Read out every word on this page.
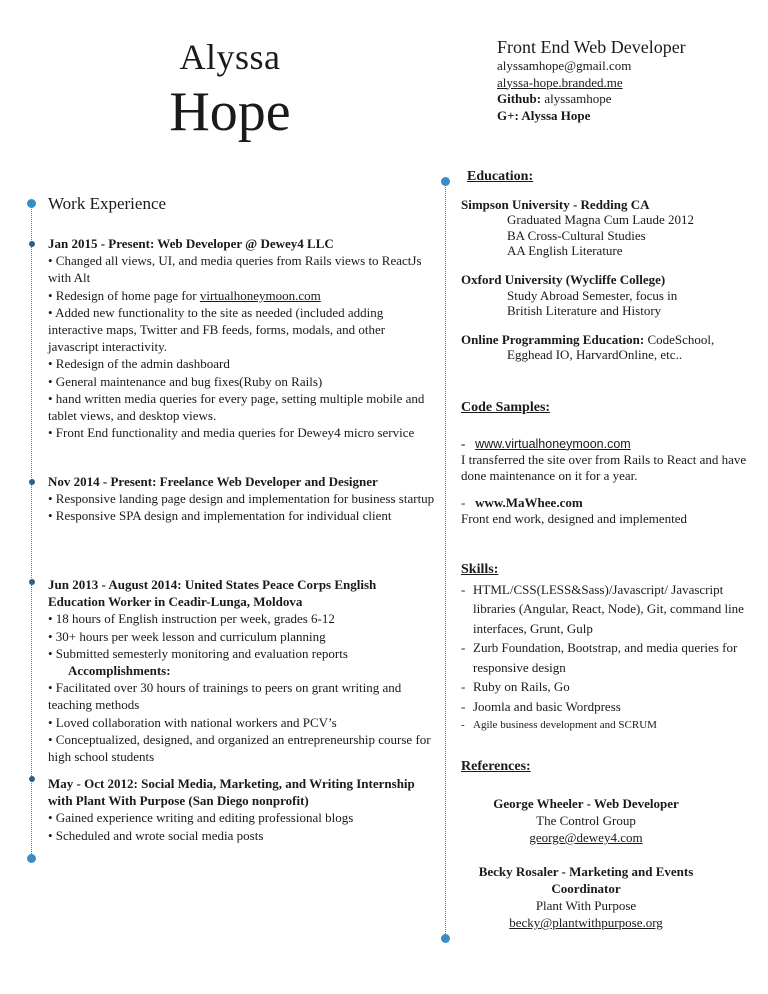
Alyssa
Hope
Front End Web Developer
alyssamhope@gmail.com
alyssa-hope.branded.me
Github: alyssamhope
G+: Alyssa Hope
Work Experience

Jan 2015 - Present: Web Developer @ Dewey4 LLC

• Changed all views, UI, and media queries from Rails views to ReactJs with Alt

• Redesign of home page for virtualhoneymoon.com

• Added new functionality to the site as needed (included adding interactive maps, Twitter and FB feeds, forms, modals, and other javascript interactivity.

• Redesign of the admin dashboard

• General maintenance and bug fixes(Ruby on Rails)

• hand written media queries for every page, setting multiple mobile and tablet views, and desktop views.

• Front End functionality and media queries for Dewey4 micro service

Nov 2014 - Present: Freelance Web Developer and Designer

• Responsive landing page design and implementation for business startup

• Responsive SPA design and implementation for individual client

Jun 2013 - August 2014: United States Peace Corps English Education Worker in Ceadir-Lunga, Moldova

• 18 hours of English instruction per week, grades 6-12

• 30+ hours per week lesson and curriculum planning

• Submitted semesterly monitoring and evaluation reports

Accomplishments:

• Facilitated over 30 hours of trainings to peers on grant writing and teaching methods

• Loved collaboration with national workers and PCV’s

• Conceptualized, designed, and organized an entrepreneurship course for high school students

May - Oct 2012: Social Media, Marketing, and Writing Internship with Plant With Purpose (San Diego nonprofit)

• Gained experience writing and editing professional blogs

• Scheduled and wrote social media posts

Education:

Simpson University - Redding CA

Graduated Magna Cum Laude 2012

BA Cross-Cultural Studies

AA English Literature

Oxford University (Wycliffe College)

Study Abroad Semester, focus in

British Literature and History

Online Programming Education: CodeSchool,

Egghead IO, HarvardOnline, etc..

Code Samples:

- www.virtualhoneymoon.com

I transferred the site over from Rails to React and have done maintenance on it for a year.

- www.MaWhee.com

Front end work, designed and implemented

Skills:

- HTML/CSS(LESS&Sass)/Javascript/ Javascript libraries (Angular, React, Node), Git, command line interfaces, Grunt, Gulp
- Zurb Foundation, Bootstrap, and media queries for responsive design
- Ruby on Rails, Go
- Joomla and basic Wordpress
- Agile business development and SCRUM

References:

George Wheeler - Web Developer

The Control Group

george@dewey4.com

Becky Rosaler - Marketing and Events Coordinator

Plant With Purpose

becky@plantwithpurpose.org
